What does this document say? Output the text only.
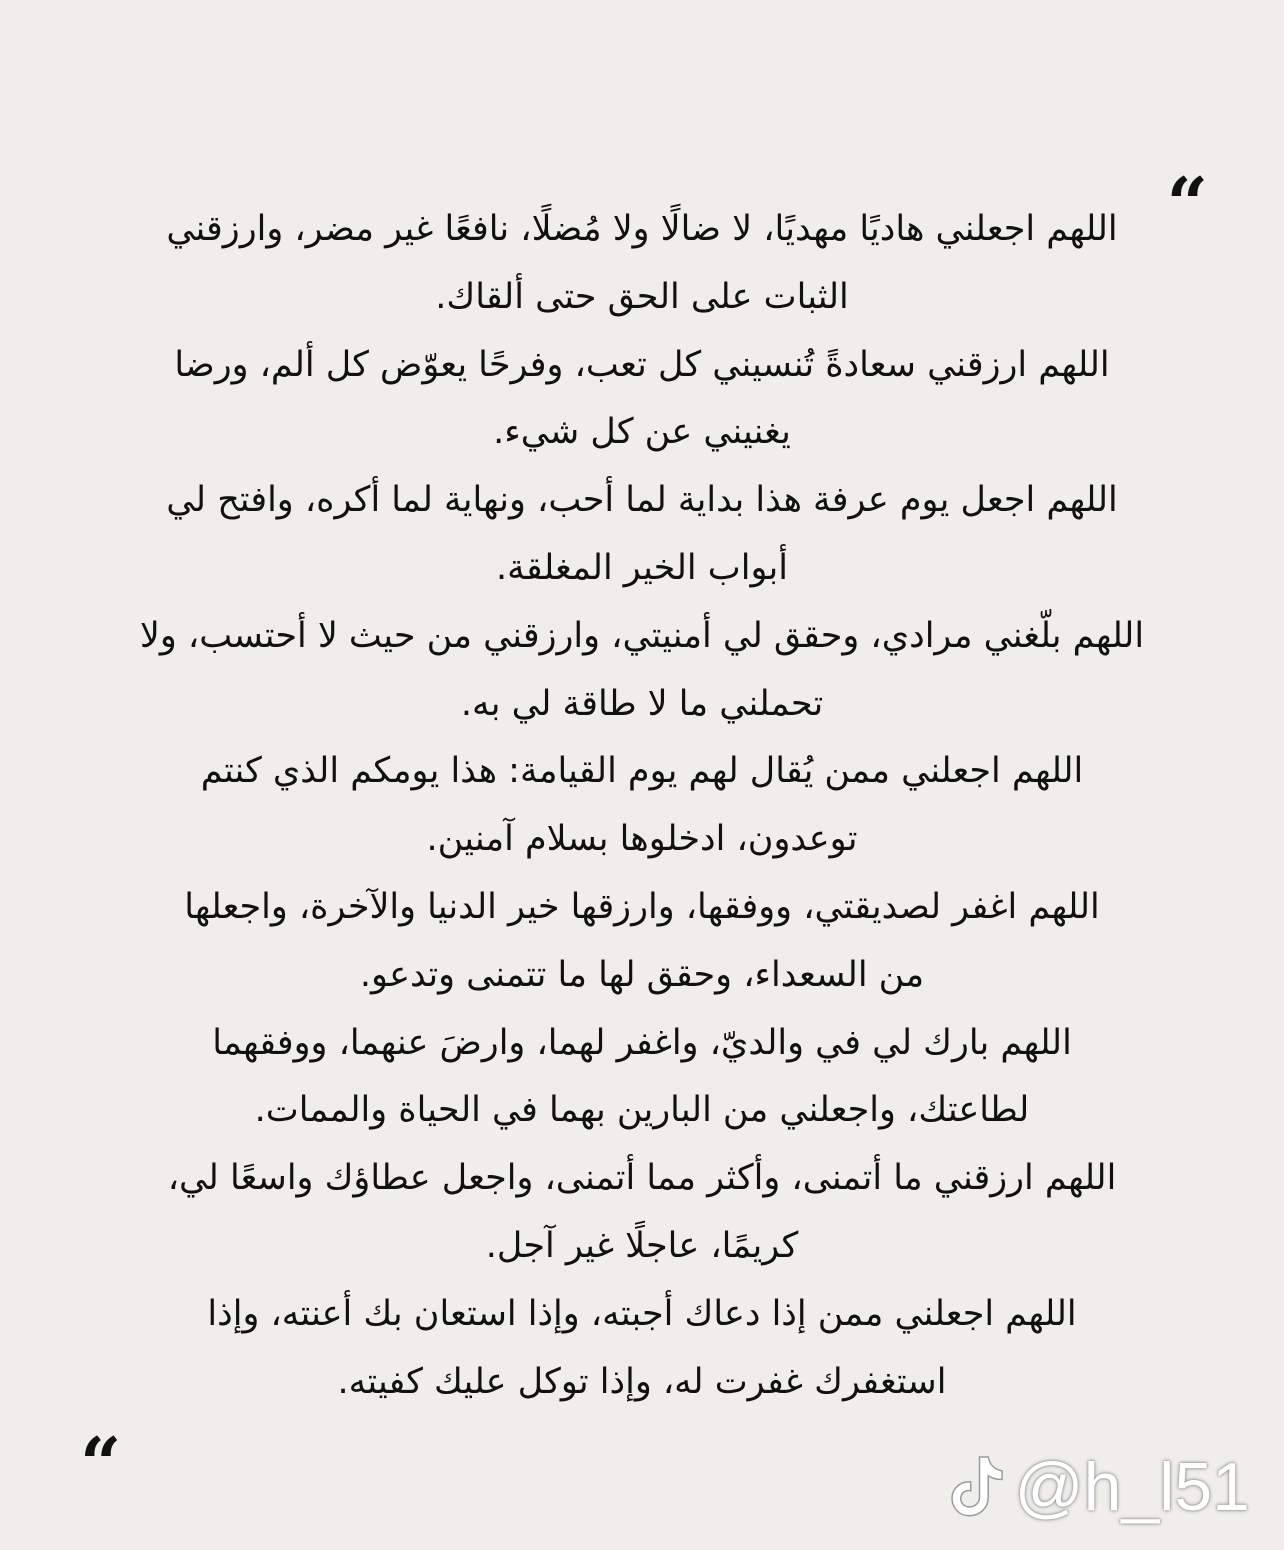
“

اللهم اجعلني هاديًا مهديًا، لا ضالًا ولا مُضلًا، نافعًا غير مضر، وارزقني

الثبات على الحق حتى ألقاك.

اللهم ارزقني سعادةً تُنسيني كل تعب، وفرحًا يعوّض كل ألم، ورضا

يغنيني عن كل شيء.

اللهم اجعل يوم عرفة هذا بداية لما أحب، ونهاية لما أكره، وافتح لي

أبواب الخير المغلقة.

اللهم بلّغني مرادي، وحقق لي أمنيتي، وارزقني من حيث لا أحتسب، ولا

تحملني ما لا طاقة لي به.

اللهم اجعلني ممن يُقال لهم يوم القيامة: هذا يومكم الذي كنتم

توعدون، ادخلوها بسلام آمنين.

اللهم اغفر لصديقتي، ووفقها، وارزقها خير الدنيا والآخرة، واجعلها

من السعداء، وحقق لها ما تتمنى وتدعو.

اللهم بارك لي في والديّ، واغفر لهما، وارضَ عنهما، ووفقهما

لطاعتك، واجعلني من البارين بهما في الحياة والممات.

اللهم ارزقني ما أتمنى، وأكثر مما أتمنى، واجعل عطاؤك واسعًا لي،

كريمًا، عاجلًا غير آجل.

اللهم اجعلني ممن إذا دعاك أجبته، وإذا استعان بك أعنته، وإذا

استغفرك غفرت له، وإذا توكل عليك كفيته.

“	@h_l51
